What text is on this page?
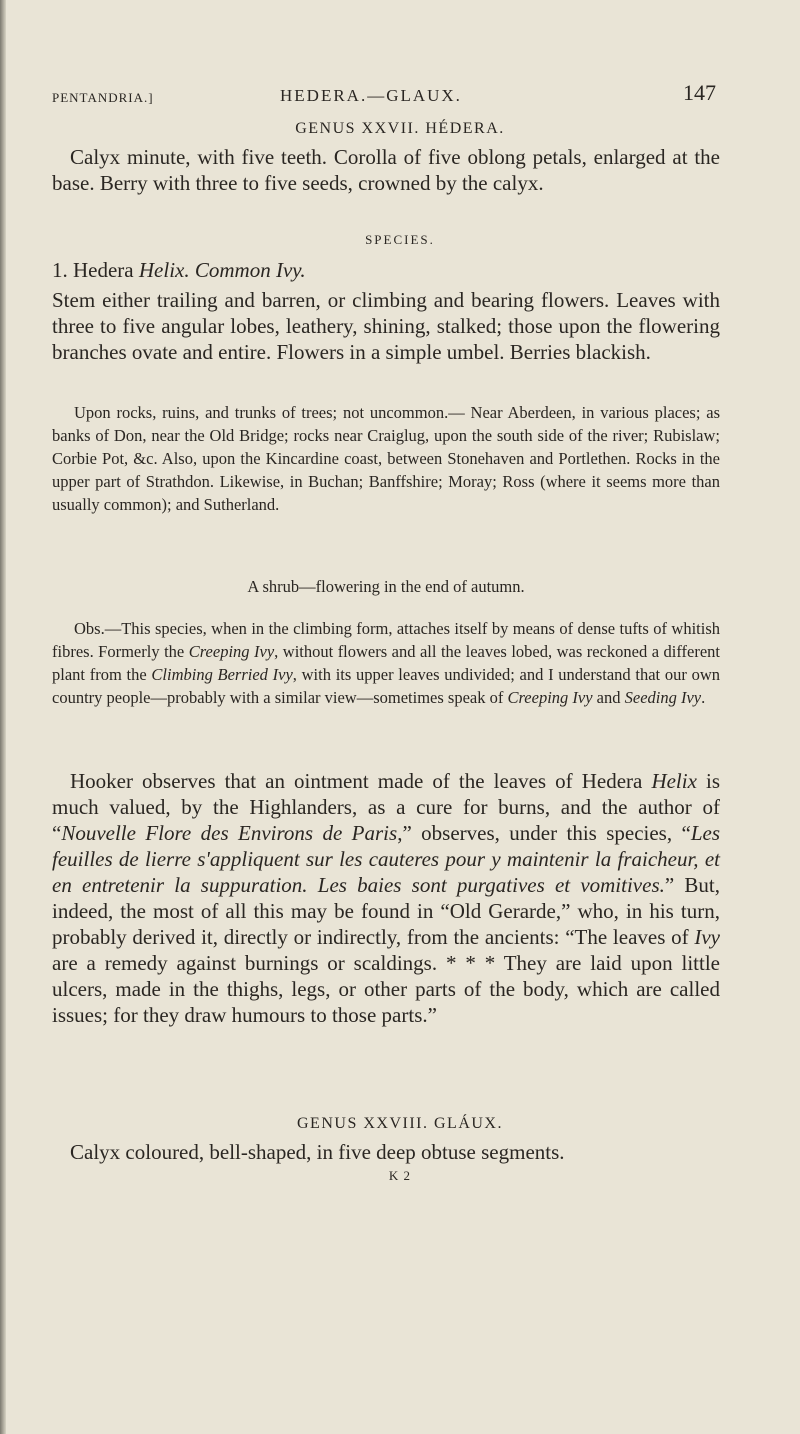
PENTANDRIA.]	HEDERA.—GLAUX.	147
GENUS XXVII. HÉDERA.

Calyx minute, with five teeth. Corolla of five oblong petals, enlarged at the base. Berry with three to five seeds, crowned by the calyx.

SPECIES.

1. Hedera Helix. Common Ivy.

Stem either trailing and barren, or climbing and bearing flowers. Leaves with three to five angular lobes, leathery, shining, stalked; those upon the flowering branches ovate and entire. Flowers in a simple umbel. Berries blackish.

Upon rocks, ruins, and trunks of trees; not uncommon.— Near Aberdeen, in various places; as banks of Don, near the Old Bridge; rocks near Craiglug, upon the south side of the river; Rubislaw; Corbie Pot, &c. Also, upon the Kincardine coast, between Stonehaven and Portlethen. Rocks in the upper part of Strathdon. Likewise, in Buchan; Banffshire; Moray; Ross (where it seems more than usually common); and Sutherland.

A shrub—flowering in the end of autumn.

Obs.—This species, when in the climbing form, attaches itself by means of dense tufts of whitish fibres. Formerly the Creeping Ivy, without flowers and all the leaves lobed, was reckoned a different plant from the Climbing Berried Ivy, with its upper leaves undivided; and I understand that our own country people—probably with a similar view—sometimes speak of Creeping Ivy and Seeding Ivy.

Hooker observes that an ointment made of the leaves of Hedera Helix is much valued, by the Highlanders, as a cure for burns, and the author of “Nouvelle Flore des Environs de Paris,” observes, under this species, “Les feuilles de lierre s'appliquent sur les cauteres pour y maintenir la fraicheur, et en entretenir la suppuration. Les baies sont purgatives et vomitives.” But, indeed, the most of all this may be found in “Old Gerarde,” who, in his turn, probably derived it, directly or indirectly, from the ancients: “The leaves of Ivy are a remedy against burnings or scaldings. * * * They are laid upon little ulcers, made in the thighs, legs, or other parts of the body, which are called issues; for they draw humours to those parts.”

GENUS XXVIII. GLÁUX.

Calyx coloured, bell-shaped, in five deep obtuse segments.

K 2
